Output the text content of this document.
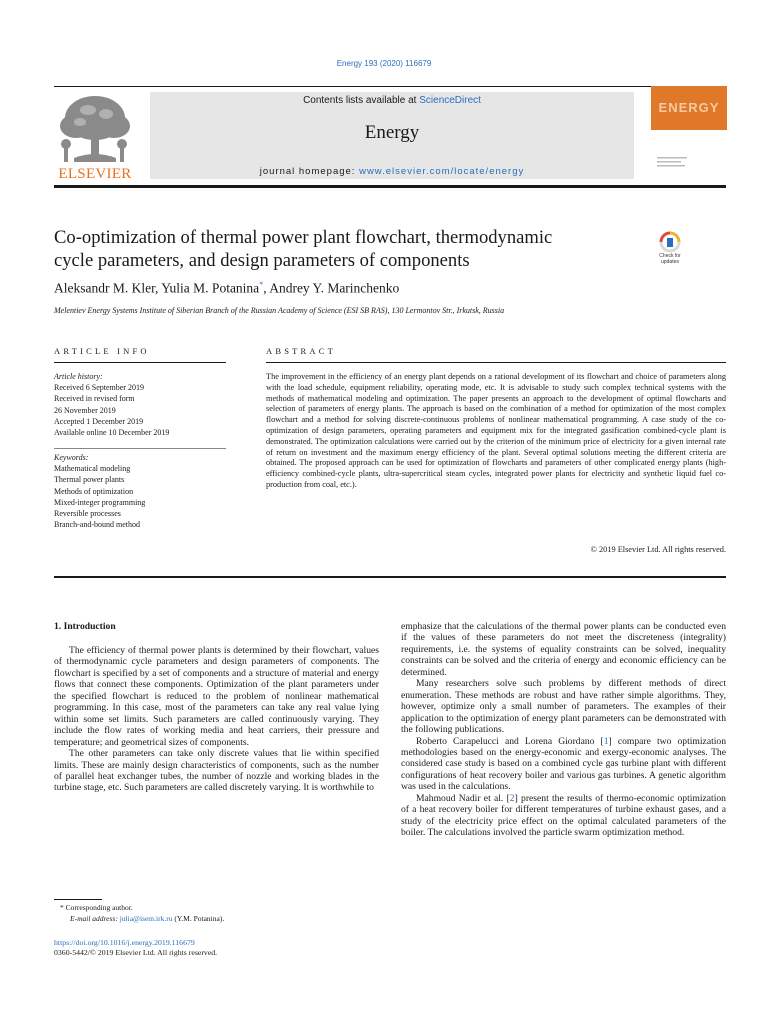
Energy 193 (2020) 116679
ELSEVIER
Contents lists available at ScienceDirect
Energy
journal homepage: www.elsevier.com/locate/energy
ENERGY
Co-optimization of thermal power plant flowchart, thermodynamic
cycle parameters, and design parameters of components	Check for updates
Aleksandr M. Kler, Yulia M. Potanina*, Andrey Y. Marinchenko
Melentiev Energy Systems Institute of Siberian Branch of the Russian Academy of Science (ESI SB RAS), 130 Lermontov Str., Irkutsk, Russia
ARTICLE INFO
Article history:
Received 6 September 2019
Received in revised form
26 November 2019
Accepted 1 December 2019
Available online 10 December 2019
Keywords:
Mathematical modeling
Thermal power plants
Methods of optimization
Mixed-integer programming
Reversible processes
Branch-and-bound method
ABSTRACT
The improvement in the efficiency of an energy plant depends on a rational development of its flowchart and choice of parameters along with the load schedule, equipment reliability, operating mode, etc. It is advisable to study such complex technical systems with the methods of mathematical modeling and optimization. The paper presents an approach to the development of optimal flowcharts and selection of parameters of energy plants. The approach is based on the combination of a method for optimization of the most complex flowchart and a method for solving discrete-continuous problems of nonlinear mathematical programming. A case study of the co-optimization of design parameters, operating parameters and equipment mix for the integrated gasification combined-cycle plant is demonstrated. The optimization calculations were carried out by the criterion of the minimum price of electricity for a given internal rate of return on investment and the maximum energy efficiency of the plant. Several optimal solutions meeting the different criteria are obtained. The proposed approach can be used for optimization of flowcharts and parameters of other complicated energy plants (high-efficiency combined-cycle plants, ultra-supercritical steam cycles, integrated power plants for electricity and synthetic liquid fuel co-production from coal, etc.).
© 2019 Elsevier Ltd. All rights reserved.
1. Introduction

The efficiency of thermal power plants is determined by their flowchart, values of thermodynamic cycle parameters and design parameters of components. The flowchart is specified by a set of components and a structure of material and energy flows that connect these components. Optimization of the plant parameters under the specified flowchart is reduced to the problem of nonlinear mathematical programming. In this case, most of the parameters can take any real value lying within some set limits. Such parameters are called continuously varying. They include the flow rates of working media and heat carriers, their pressure and temperature; and geometrical sizes of components.

The other parameters can take only discrete values that lie within specified limits. These are mainly design characteristics of components, such as the number of parallel heat exchanger tubes, the number of nozzle and working blades in the turbine stage, etc. Such parameters are called discretely varying. It is worthwhile to

emphasize that the calculations of the thermal power plants can be conducted even if the values of these parameters do not meet the discreteness (integrality) requirements, i.e. the systems of equality constraints can be solved, inequality constraints can be solved and the criteria of energy and economic efficiency can be determined.

Many researchers solve such problems by different methods of direct enumeration. These methods are robust and have rather simple algorithms. They, however, optimize only a small number of parameters. The examples of their application to the optimization of energy plant parameters can be demonstrated with the following publications.

Roberto Carapelucci and Lorena Giordano [1] compare two optimization methodologies based on the energy-economic and exergy-economic analyses. The considered case study is based on a combined cycle gas turbine plant with different configurations of heat recovery boiler and various gas turbines. A genetic algorithm was used in the calculations.

Mahmoud Nadir et al. [2] present the results of thermo-economic optimization of a heat recovery boiler for different temperatures of turbine exhaust gases, and a study of the electricity price effect on the optimal calculated parameters of the boiler. The calculations involved the particle swarm optimization method.

* Corresponding author.
E-mail address: julia@isem.irk.ru (Y.M. Potanina).
https://doi.org/10.1016/j.energy.2019.116679
0360-5442/© 2019 Elsevier Ltd. All rights reserved.
